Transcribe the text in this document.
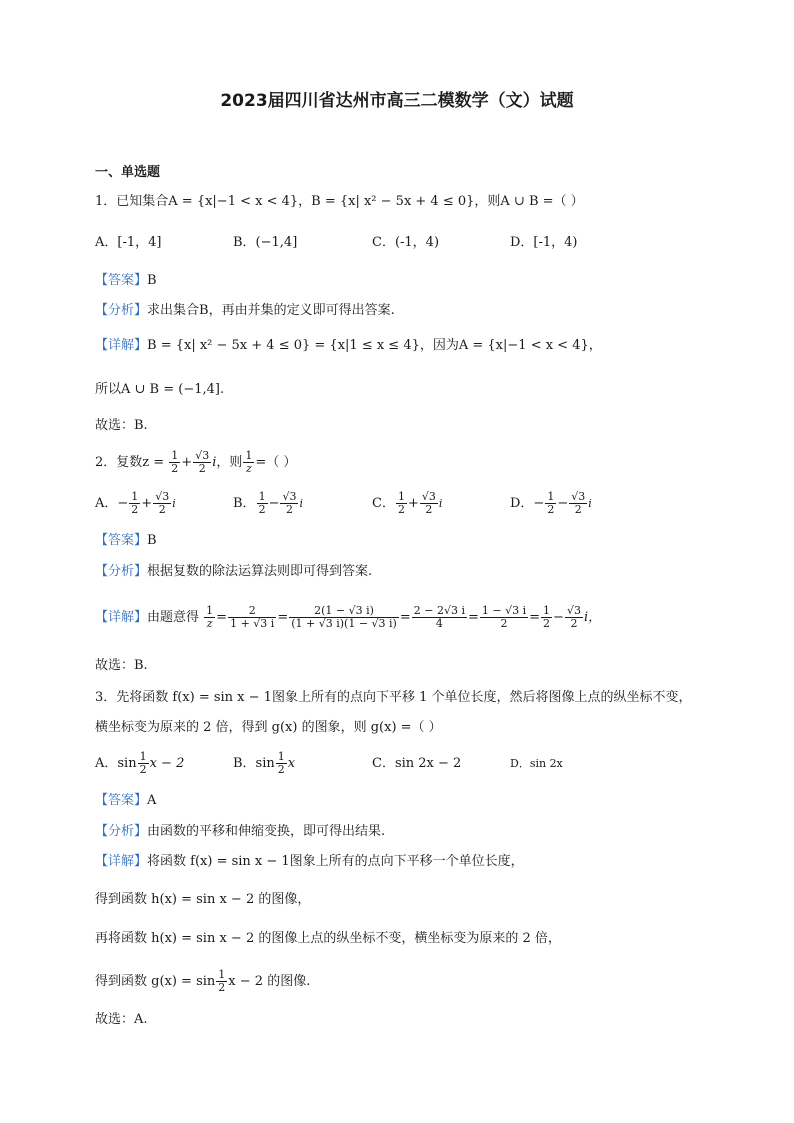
2023届四川省达州市高三二模数学（文）试题
一、单选题
1．已知集合A = {x|−1 < x < 4}，B = {x| x² − 5x + 4 ≤ 0}，则A ∪ B =（ ）
A．[-1，4]	B．(−1,4]	C．(-1，4)	D．[-1，4)
【答案】B
【分析】求出集合B，再由并集的定义即可得出答案.
【详解】B = {x| x² − 5x + 4 ≤ 0} = {x|1 ≤ x ≤ 4}，因为A = {x|−1 < x < 4}，
所以A ∪ B = (−1,4].
故选：B.
2．复数$z = \frac{1}{2} + \frac{√3}{2}$ i，则 $\frac{1}{z}$ =（ ）
A．− $\frac{1}{2} + \frac{√3}{2}$ i	B． $\frac{1}{2} - \frac{√3}{2}$ i	C． $\frac{1}{2} + \frac{√3}{2}$ i	D．− $\frac{1}{2} - \frac{√3}{2}$ i
【答案】B
【分析】根据复数的除法运算法则即可得到答案.
【详解】由题意得 $\frac{1}{z} = \frac{2}{1 + √3 i} = \frac{2(1 - √3 i)}{(1 + √3 i)(1 - √3 i)} = \frac{2 - 2√3 i}{4} = \frac{1 - √3 i}{2} = \frac{1}{2} - \frac{√3}{2}$ i，
故选：B.
3．先将函数 f(x) = sin x − 1图象上所有的点向下平移 1 个单位长度，然后将图像上点的纵坐标不变，
横坐标变为原来的 2 倍，得到 g(x) 的图象，则 g(x) =（ ）
A．$\sin \frac{1}{2}$ x − 2	B．$\sin \frac{1}{2}$ x	C．sin 2x − 2	D．sin 2x
【答案】A
【分析】由函数的平移和伸缩变换，即可得出结果.
【详解】将函数 f(x) = sin x − 1图象上所有的点向下平移一个单位长度，
得到函数 h(x) = sin x − 2 的图像，
再将函数 h(x) = sin x − 2 的图像上点的纵坐标不变，横坐标变为原来的 2 倍，
得到函数 $g(x) = \sin \frac{1}{2}$ x − 2 的图像.
故选：A.
